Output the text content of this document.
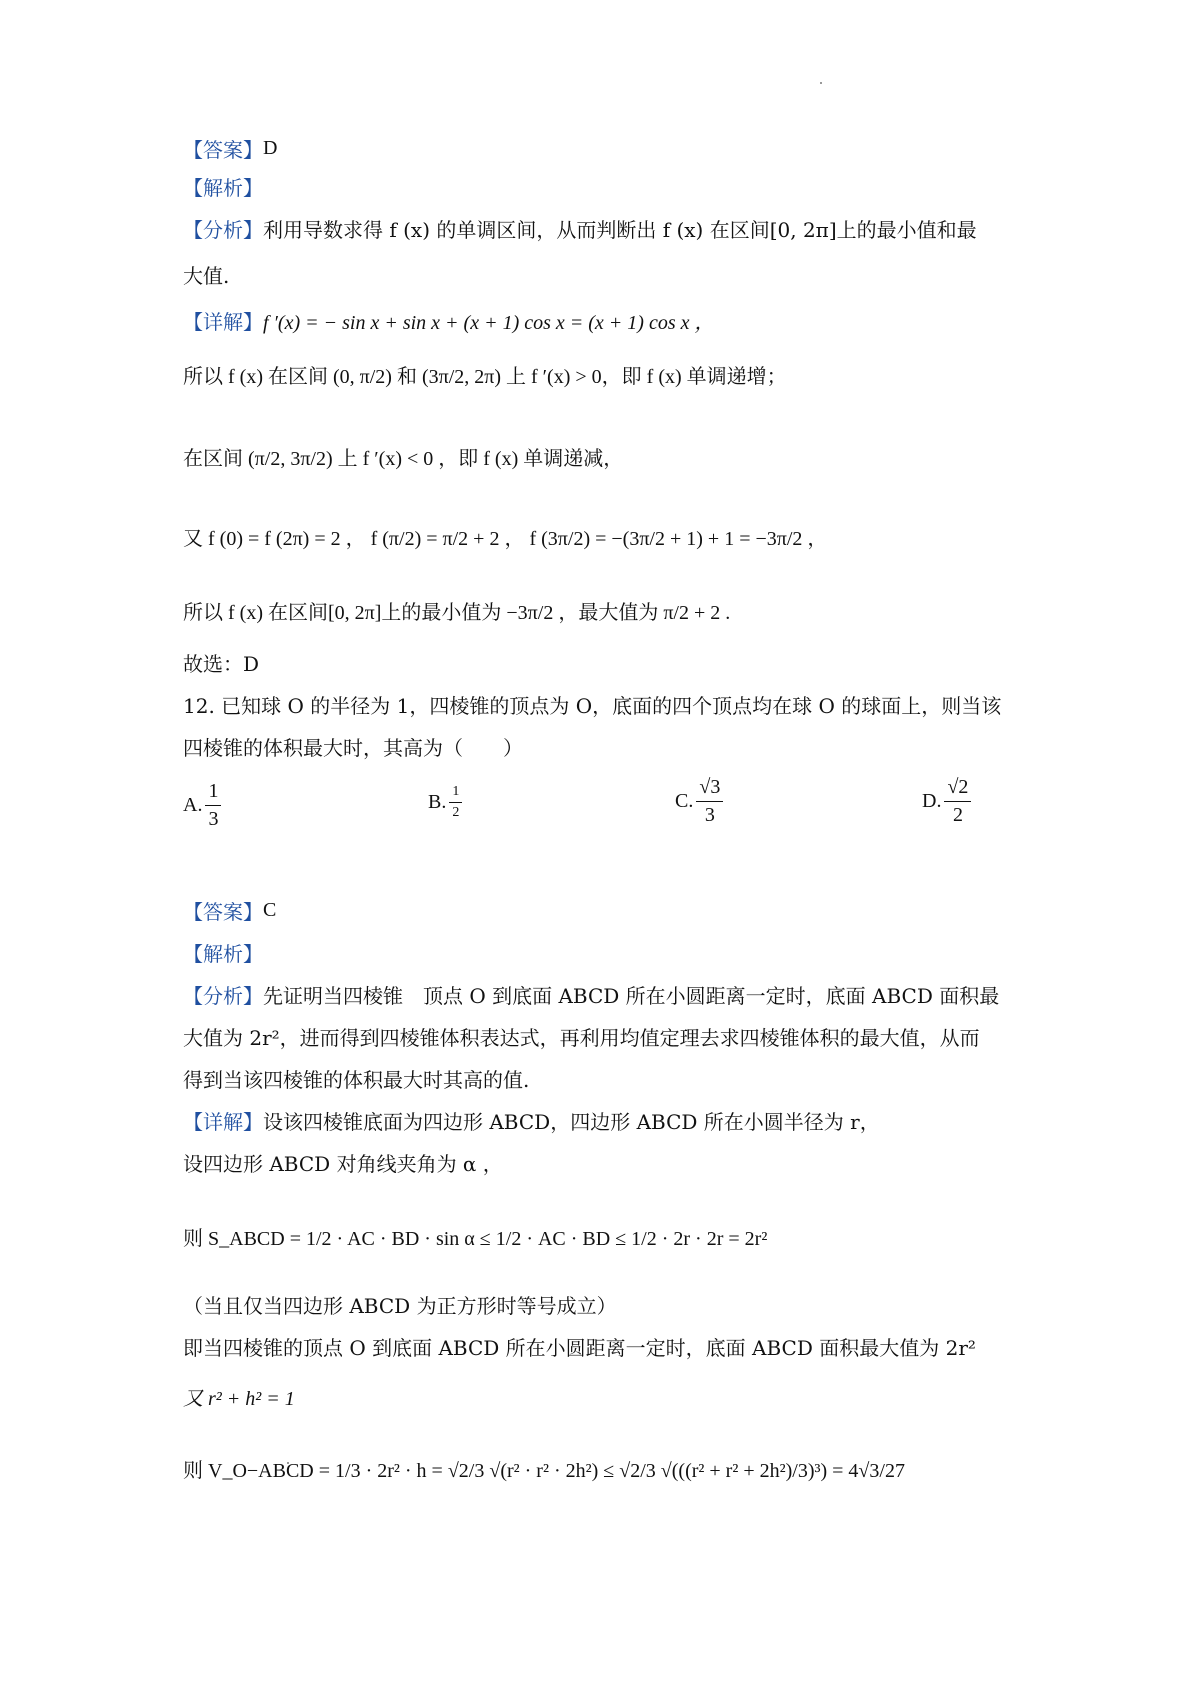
【答案】 D
【解析】
【分析】 利用导数求得 f (x) 的单调区间，从而判断出 f (x) 在区间[0, 2π]上的最小值和最
大值.
【详解】 f ′(x) = − sin x + sin x + (x + 1) cos x = (x + 1) cos x ，
所以 f (x) 在区间 (0, π/2) 和 (3π/2, 2π) 上 f ′(x) > 0，即 f (x) 单调递增；
在区间 (π/2, 3π/2) 上 f ′(x) < 0 ，即 f (x) 单调递减，
又 f (0) = f (2π) = 2 ， f (π/2) = π/2 + 2 ， f (3π/2) = −(3π/2 + 1) + 1 = −3π/2 ，
所以 f (x) 在区间[0, 2π]上的最小值为 −3π/2 ，最大值为 π/2 + 2 .
故选：D
12. 已知球 O 的半径为 1，四棱锥的顶点为 O，底面的四个顶点均在球 O 的球面上，则当该
四棱锥的体积最大时，其高为（　　）
A. $\frac{1}{3}$	B. $\frac{1}{2}$	C. $\frac{√3}{3}$	D. $\frac{√2}{2}$
【答案】 C
【解析】
【分析】 先证明当四棱锥　顶点 O 到底面 ABCD 所在小圆距离一定时，底面 ABCD 面积最
大值为 2r²，进而得到四棱锥体积表达式，再利用均值定理去求四棱锥体积的最大值，从而
得到当该四棱锥的体积最大时其高的值.
【详解】 设该四棱锥底面为四边形 ABCD，四边形 ABCD 所在小圆半径为 r，
设四边形 ABCD 对角线夹角为 α ，
则 S_ABCD = 1/2 · AC · BD · sin α ≤ 1/2 · AC · BD ≤ 1/2 · 2r · 2r = 2r²
（当且仅当四边形 ABCD 为正方形时等号成立）
即当四棱锥的顶点 O 到底面 ABCD 所在小圆距离一定时，底面 ABCD 面积最大值为 2r²
又 r² + h² = 1
则 V_O−ABCD = 1/3 · 2r² · h = √2/3 √(r² · r² · 2h²) ≤ √2/3 √(((r² + r² + 2h²)/3)³) = 4√3/27
